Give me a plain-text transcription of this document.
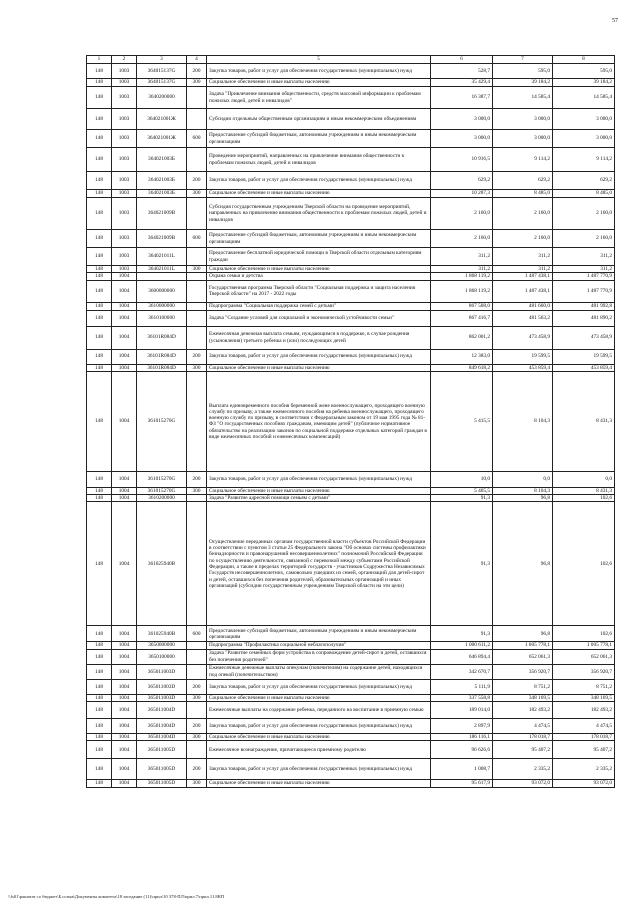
57
1	2	3	4	5	6	7	8
148	1003	364015137G	200	Закупка товаров, работ и услуг для обеспечения государственных (муниципальных) нужд	528,7	595,0	595,0
148	1003	364015137G	300	Социальное обеспечение и иные выплаты населению	35 429,4	39 184,2	39 184,2
148	1003	3640200000		Задача "Привлечение внимания общественности, средств массовой информации к проблемам пожилых людей, детей и инвалидов"	16 387,7	14 585,4	14 585,4
148	1003	364021001Ж		Субсидии отдельным общественным организациям и иным некоммерческим объединениям	3 000,0	3 000,0	3 000,0
148	1003	364021001Ж	600	Предоставление субсидий бюджетным, автономным учреждениям и иным некоммерческим организациям	3 000,0	3 000,0	3 000,0
148	1003	364021003Б		Проведение мероприятий, направленных на привлечение внимания общественности к проблемам пожилых людей, детей и инвалидов	10 916,5	9 114,2	9 114,2
148	1003	364021003Б	200	Закупка товаров, работ и услуг для обеспечения государственных (муниципальных) нужд	629,2	629,2	629,2
148	1003	364021003Б	300	Социальное обеспечение и иные выплаты населению	10 287,3	8 485,0	8 485,0
148	1003	364021009В		Субсидия государственным учреждениям Тверской области на проведение мероприятий, направленных на привлечение внимания общественности к проблемам пожилых людей, детей и инвалидов	2 160,0	2 160,0	2 160,0
148	1003	364021009В	600	Предоставление субсидий бюджетным, автономным учреждениям и иным некоммерческим организациям	2 160,0	2 160,0	2 160,0
148	1003	364021011L		Предоставление бесплатной юридической помощи в Тверской области отдельным категориям граждан	311,2	311,2	311,2
148	1003	364021011L	300	Социальное обеспечение и иные выплаты населению	311,2	311,2	311,2
148	1004			Охрана семьи и детства	1 868 119,2	1 487 438,1	1 487 770,9
148	1004	3600000000		Государственная программа Тверской области "Социальная поддержка и защита населения Тверской области" на 2017 - 2022 годы	1 868 119,2	1 487 438,1	1 487 770,9
148	1004	3610000000		Подпрограмма "Социальная поддержка семей с детьми"	867 508,0	481 660,0	481 992,8
148	1004	3610100000		Задача "Создание условий для социальной и экономической устойчивости семьи"	867 416,7	481 563,2	481 890,2
148	1004	36101R084D		Ежемесячная денежная выплата семьям, нуждающимся в поддержке, в случае рождения (усыновления) третьего ребенка и (или) последующих детей	862 001,2	473 458,9	473 458,9
148	1004	36101R084D	200	Закупка товаров, работ и услуг для обеспечения государственных (муниципальных) нужд	12 383,0	19 599,5	19 599,5
148	1004	36101R084D	300	Социальное обеспечение и иные выплаты населению	849 618,2	453 859,4	453 859,4
148	1004	361015270G		Выплата единовременного пособия беременной жене военнослужащего, проходящего военную службу по призыву, а также ежемесячного пособия на ребенка военнослужащего, проходящего военную службу по призыву, в соответствии с Федеральным законом от 19 мая 1995 года № 81-ФЗ "О государственных пособиях гражданам, имеющим детей" (публичное нормативное обязательство на реализацию законов по социальной поддержке отдельных категорий граждан в виде ежемесячных пособий и ежемесячных компенсаций)	5 415,5	8 104,3	8 431,3
148	1004	361015270G	200	Закупка товаров, работ и услуг для обеспечения государственных (муниципальных) нужд	10,0	0,0	0,0
148	1004	361015270G	300	Социальное обеспечение и иные выплаты населению	5 405,5	8 104,3	8 431,3
148	1004	3610200000		Задача "Развитие адресной помощи семьям с детьми"	91,3	96,8	102,6
148	1004	361025940В		Осуществление переданных органам государственной власти субъектов Российской Федерации в соответствии с пунктом 3 статьи 25 Федерального закона "Об основах системы профилактики безнадзорности и правонарушений несовершеннолетних" полномочий Российской Федерации по осуществлению деятельности, связанной с перевозкой между субъектами Российской Федерации, а также в пределах территорий государств - участников Содружества Независимых Государств несовершеннолетних, самовольно ушедших из семей, организаций для детей-сирот и детей, оставшихся без попечения родителей, образовательных организаций и иных организаций (субсидии государственным учреждениям Тверской области на эти цели)	91,3	96,8	102,6
148	1004	361025940В	600	Предоставление субсидий бюджетным, автономным учреждениям и иным некоммерческим организациям	91,3	96,8	102,6
148	1004	3650000000		Подпрограмма "Профилактика социальной неблагополучия"	1 000 611,2	1 005 778,1	1 005 778,1
148	1004	3650100000		Задача "Развитие семейных форм устройства в сопровождение детей-сирот и детей, оставшихся без попечения родителей"	646 894,4	652 061,3	652 061,3
148	1004	365011003D		Ежемесячные денежные выплаты опекунам (попечителям) на содержание детей, находящихся под опекой (попечительством)	342 670,7	356 920,7	356 920,7
148	1004	365011003D	200	Закупка товаров, работ и услуг для обеспечения государственных (муниципальных) нужд	5 111,9	8 751,2	8 751,2
148	1004	365011003D	300	Социальное обеспечение и иные выплаты населению	337 558,8	348 169,5	348 169,5
148	1004	365011004D		Ежемесячные выплаты на содержание ребенка, переданного на воспитание в приемную семью	189 014,0	182 493,2	182 493,2
148	1004	365011004D	200	Закупка товаров, работ и услуг для обеспечения государственных (муниципальных) нужд	2 897,9	4 474,5	4 474,5
148	1004	365011004D	300	Социальное обеспечение и иные выплаты населению	186 116,1	178 018,7	178 018,7
148	1004	365011005D		Ежемесячное вознаграждение, причитающееся приемному родителю	96 626,6	95 407,2	95 407,2
148	1004	365011005D	200	Закупка товаров, работ и услуг для обеспечения государственных (муниципальных) нужд	1 008,7	2 335,2	2 335,2
148	1004	365011005D	300	Социальное обеспечение и иные выплаты населению	95 617,9	93 072,0	93 072,0
\\fs01\рашатат со бюджет\Б.созыв\Документы комитета\18 заседание (11)\прил\10 378-ПЛ\прил.7\прил.11.8КП
